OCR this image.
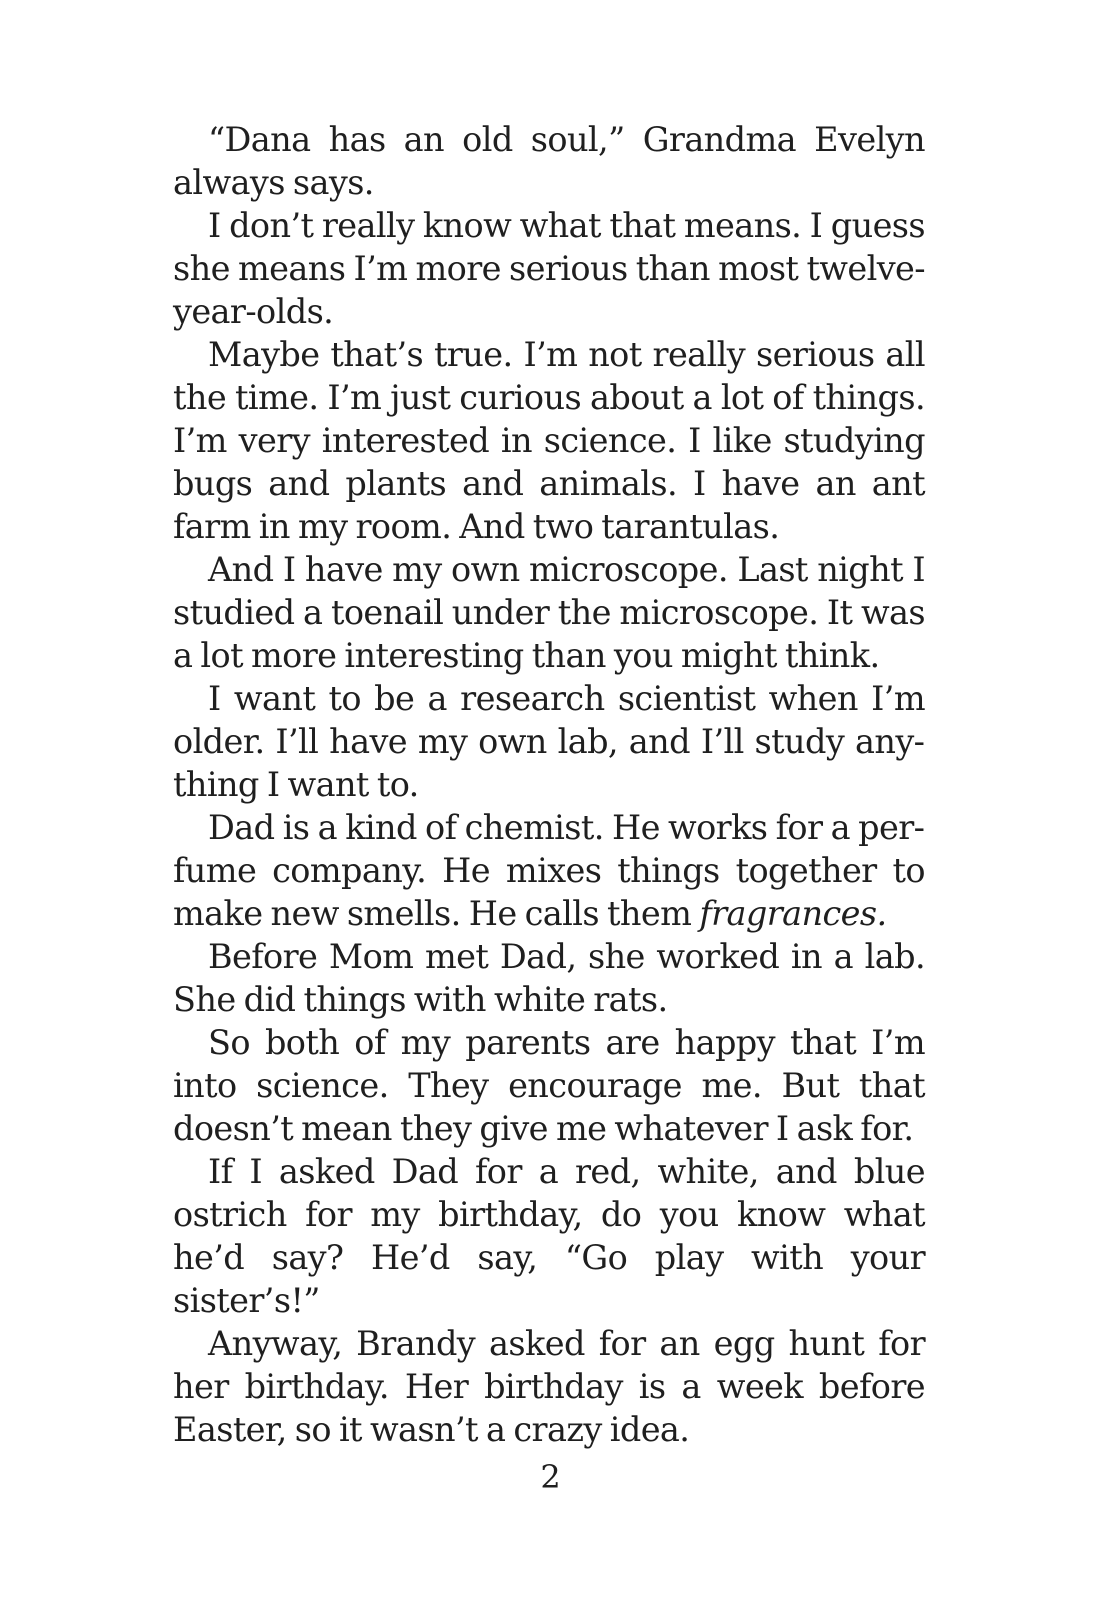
“Dana has an old soul,” Grandma Evelyn always says.

I don’t really know what that means. I guess she means I’m more serious than most twelve-year-olds.

Maybe that’s true. I’m not really serious all the time. I’m just curious about a lot of things. I’m very interested in science. I like studying bugs and plants and animals. I have an ant farm in my room. And two tarantulas.

And I have my own microscope. Last night I studied a toenail under the microscope. It was a lot more interesting than you might think.

I want to be a research scientist when I’m older. I’ll have my own lab, and I’ll study anything I want to.

Dad is a kind of chemist. He works for a perfume company. He mixes things together to make new smells. He calls them fragrances.

Before Mom met Dad, she worked in a lab. She did things with white rats.

So both of my parents are happy that I’m into science. They encourage me. But that doesn’t mean they give me whatever I ask for.

If I asked Dad for a red, white, and blue ostrich for my birthday, do you know what he’d say? He’d say, “Go play with your sister’s!”

Anyway, Brandy asked for an egg hunt for her birthday. Her birthday is a week before Easter, so it wasn’t a crazy idea.

2
